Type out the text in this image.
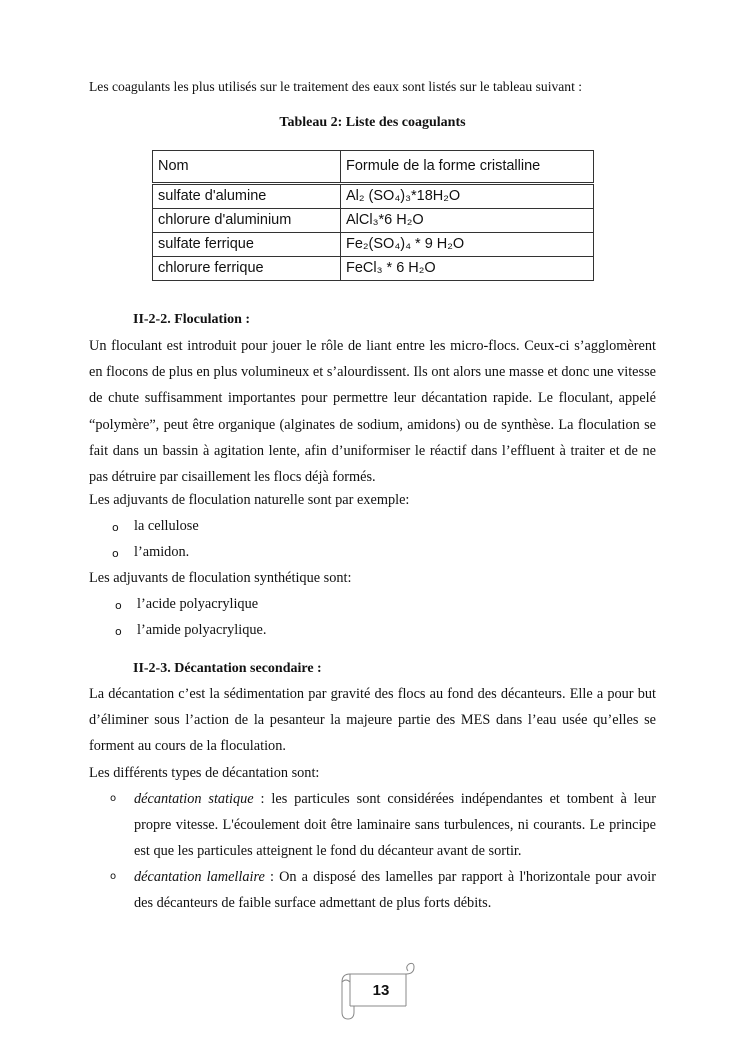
Les coagulants les plus utilisés sur le traitement des eaux sont listés sur le tableau suivant :

Tableau 2: Liste des coagulants

Nom	Formule de la forme cristalline
sulfate d'alumine	Al₂ (SO₄)₃*18H₂O
chlorure d'aluminium	AlCl₃*6 H₂O
sulfate ferrique	Fe₂(SO₄)₄ * 9 H₂O
chlorure ferrique	FeCl₃ * 6 H₂O

II-2-2. Floculation :

Un floculant est introduit pour jouer le rôle de liant entre les micro-flocs. Ceux-ci s’agglomèrent en flocons de plus en plus volumineux et s’alourdissent. Ils ont alors une masse et donc une vitesse de chute suffisamment importantes pour permettre leur décantation rapide. Le floculant, appelé “polymère”, peut être organique (alginates de sodium, amidons) ou de synthèse. La floculation se fait dans un bassin à agitation lente, afin d’uniformiser le réactif dans l’effluent à traiter et de ne pas détruire par cisaillement les flocs déjà formés.

Les adjuvants de floculation naturelle sont par exemple:

o la cellulose
o l’amidon.

Les adjuvants de floculation synthétique sont:

o l’acide polyacrylique
o l’amide polyacrylique.

II-2-3. Décantation secondaire :

La décantation c’est la sédimentation par gravité des flocs au fond des décanteurs. Elle a pour but d’éliminer sous l’action de la pesanteur la majeure partie des MES dans l’eau usée qu’elles se forment au cours de la floculation.

Les différents types de décantation sont:

o décantation statique : les particules sont considérées indépendantes et tombent à leur propre vitesse. L'écoulement doit être laminaire sans turbulences, ni courants. Le principe est que les particules atteignent le fond du décanteur avant de sortir.

o décantation lamellaire : On a disposé des lamelles par rapport à l'horizontale pour avoir des décanteurs de faible surface admettant de plus forts débits.

13
